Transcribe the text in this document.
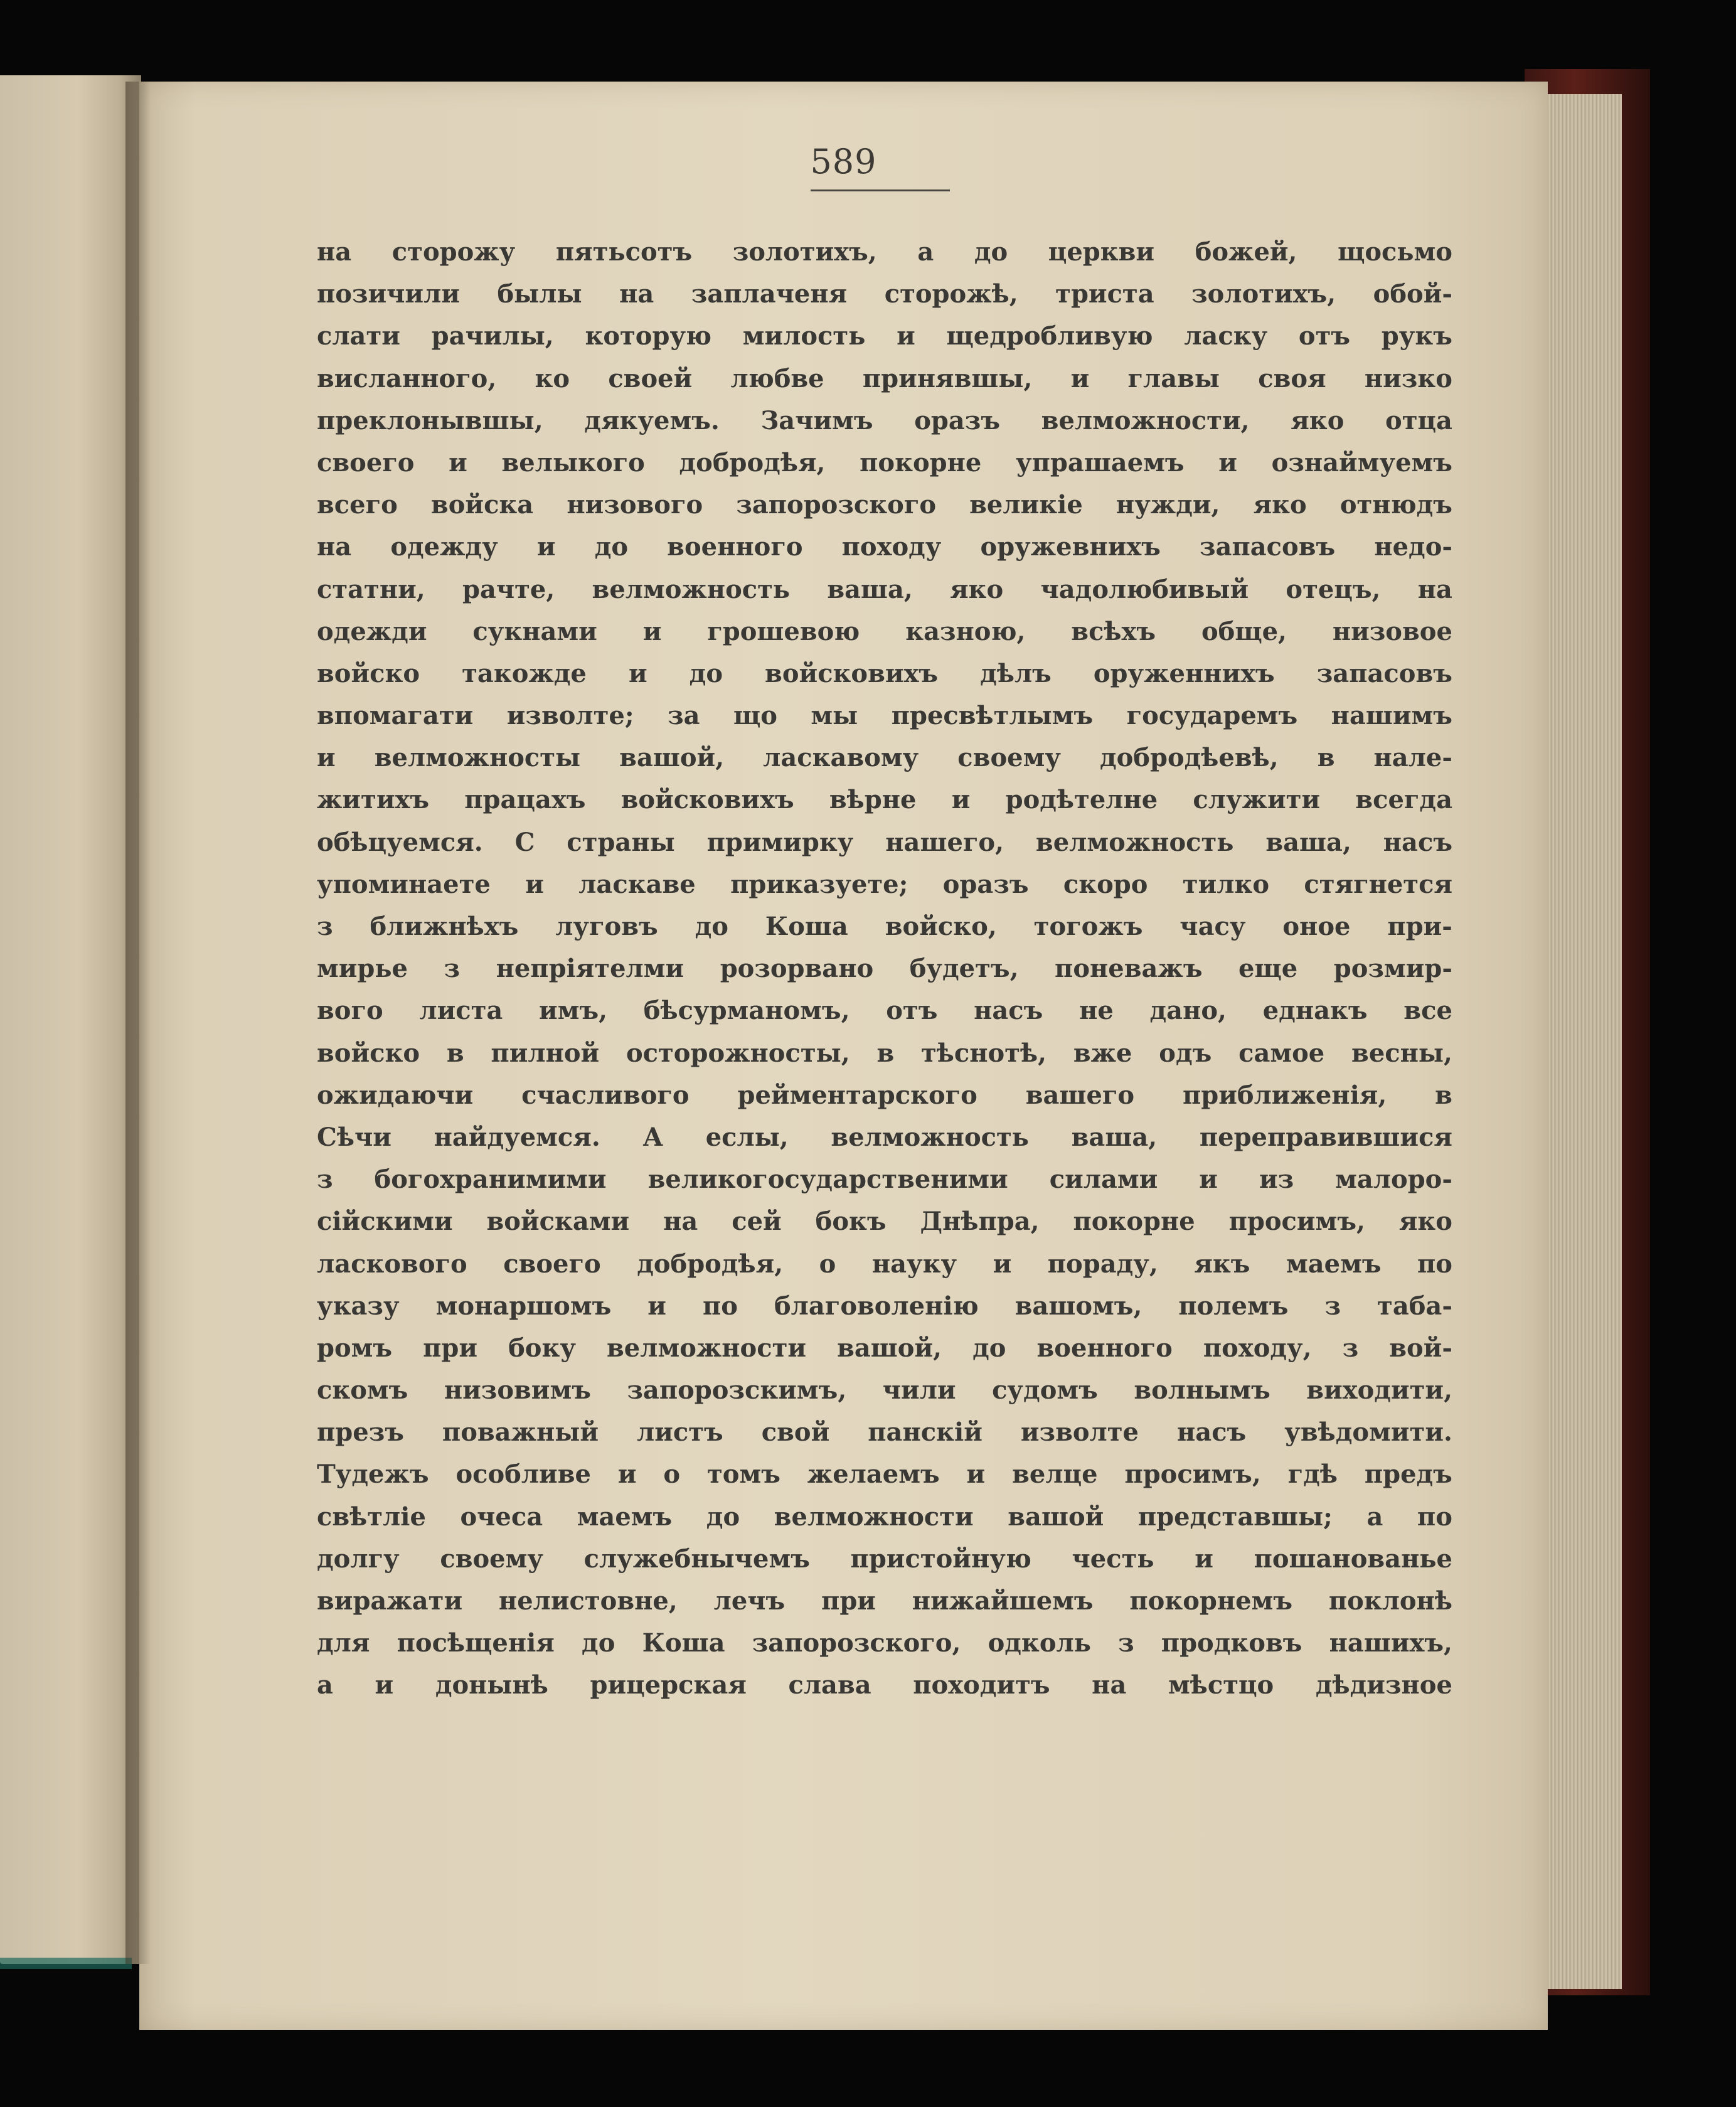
589
на сторожу пятьсотъ золотихъ, а до церкви божей, щосьмо
позичили былы на заплаченя сторожѣ, триста золотихъ, обой-
слати рачилы, которую милость и щедробливую ласку отъ рукъ
висланного, ко своей любве принявшы, и главы своя низко
преклонывшы, дякуемъ. Зачимъ оразъ велможности, яко отца
своего и велыкого добродѣя, покорне упрашаемъ и ознаймуемъ
всего войска низового запорозского великіе нужди, яко отнюдъ
на одежду и до военного походу оружевнихъ запасовъ недо-
статни, рачте, велможность ваша, яко чадолюбивый отецъ, на
одежди сукнами и грошевою казною, всѣхъ обще, низовое
войско такожде и до войсковихъ дѣлъ оруженнихъ запасовъ
впомагати изволте; за що мы пресвѣтлымъ государемъ нашимъ
и велможносты вашой, ласкавому своему добродѣевѣ, в нале-
житихъ працахъ войсковихъ вѣрне и родѣтелне служити всегда
обѣцуемся. С страны примирку нашего, велможность ваша, насъ
упоминаете и ласкаве приказуете; оразъ скоро тилко стягнется
з ближнѣхъ луговъ до Коша войско, тогожъ часу оное при-
мирье з непріятелми розорвано будетъ, поневажъ еще розмир-
вого листа имъ, бѣсурманомъ, отъ насъ не дано, еднакъ все
войско в пилной осторожносты, в тѣснотѣ, вже одъ самое весны,
ожидаючи счасливого рейментарского вашего приближенія, в
Сѣчи найдуемся. А еслы, велможность ваша, переправившися
з богохранимими великогосударственими силами и из малоро-
сійскими войсками на сей бокъ Днѣпра, покорне просимъ, яко
ласкового своего добродѣя, о науку и пораду, якъ маемъ по
указу монаршомъ и по благоволенію вашомъ, полемъ з таба-
ромъ при боку велможности вашой, до военного походу, з вой-
скомъ низовимъ запорозскимъ, чили судомъ волнымъ виходити,
презъ поважный листъ свой панскій изволте насъ увѣдомити.
Тудежъ особливе и о томъ желаемъ и велце просимъ, гдѣ предъ
свѣтліе очеса маемъ до велможности вашой представшы; а по
долгу своему служебнычемъ пристойную честь и пошанованье
виражати нелистовне, лечъ при нижайшемъ покорнемъ поклонѣ
для посѣщенія до Коша запорозского, одколь з продковъ нашихъ,
а и донынѣ рицерская слава походитъ на мѣстцо дѣдизное
